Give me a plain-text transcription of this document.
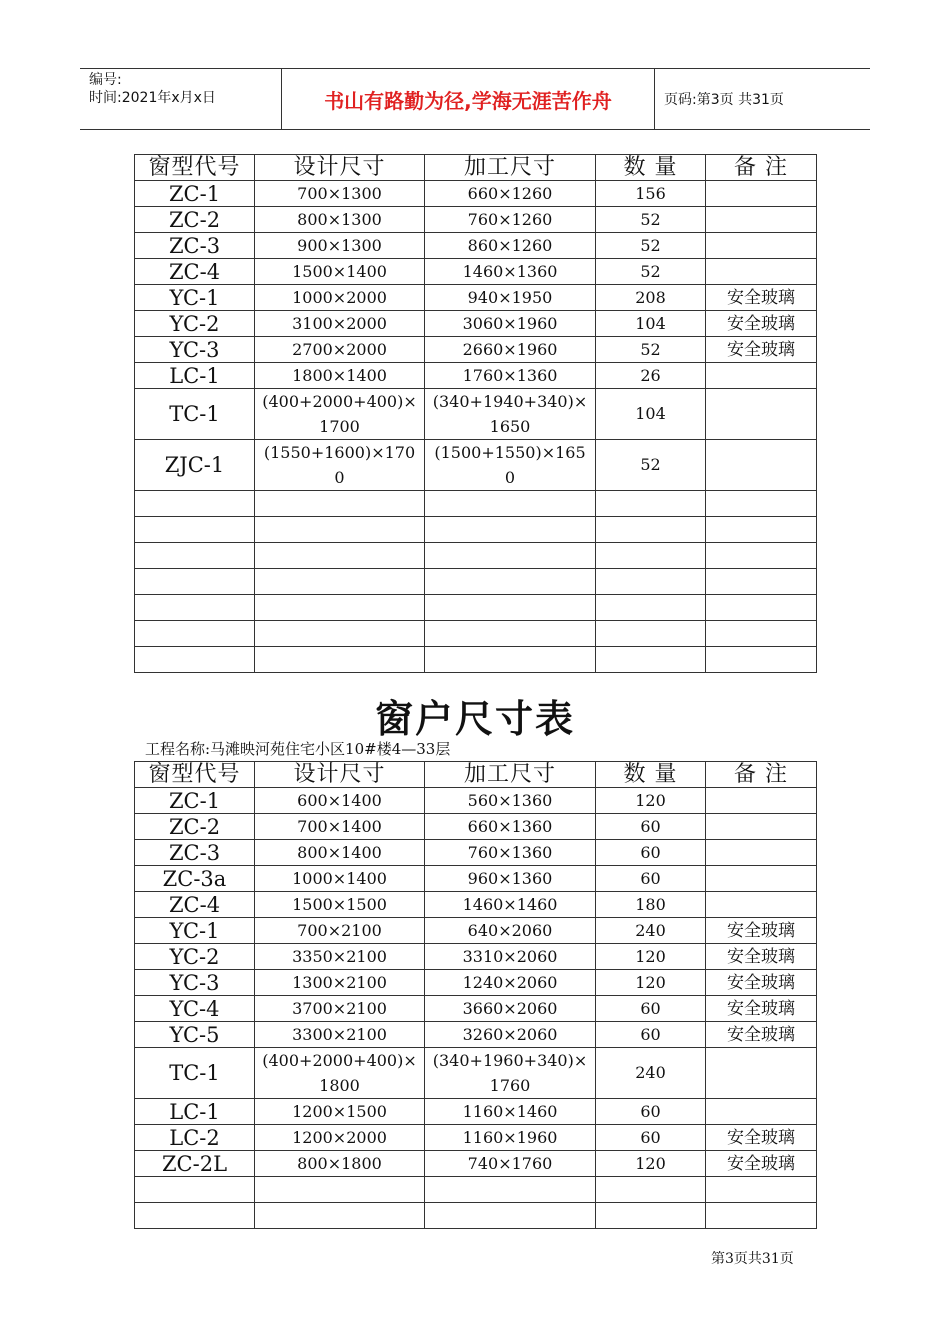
编号:
时间:2021年x月x日	书山有路勤为径,学海无涯苦作舟	页码:第3页 共31页
窗型代号	设计尺寸	加工尺寸	数 量	备 注
ZC-1	700×1300	660×1260	156	
ZC-2	800×1300	760×1260	52	
ZC-3	900×1300	860×1260	52	
ZC-4	1500×1400	1460×1360	52	
YC-1	1000×2000	940×1950	208	安全玻璃
YC-2	3100×2000	3060×1960	104	安全玻璃
YC-3	2700×2000	2660×1960	52	安全玻璃
LC-1	1800×1400	1760×1360	26	
TC-1	(400+2000+400)×1700	(340+1940+340)×1650	104	
ZJC-1	(1550+1600)×1700	(1500+1550)×1650	52	

窗户尺寸表
工程名称:马滩映河苑住宅小区10#楼4—33层
窗型代号	设计尺寸	加工尺寸	数 量	备 注
ZC-1	600×1400	560×1360	120	
ZC-2	700×1400	660×1360	60	
ZC-3	800×1400	760×1360	60	
ZC-3a	1000×1400	960×1360	60	
ZC-4	1500×1500	1460×1460	180	
YC-1	700×2100	640×2060	240	安全玻璃
YC-2	3350×2100	3310×2060	120	安全玻璃
YC-3	1300×2100	1240×2060	120	安全玻璃
YC-4	3700×2100	3660×2060	60	安全玻璃
YC-5	3300×2100	3260×2060	60	安全玻璃
TC-1	(400+2000+400)×1800	(340+1960+340)×1760	240	
LC-1	1200×1500	1160×1460	60	
LC-2	1200×2000	1160×1960	60	安全玻璃
ZC-2L	800×1800	740×1760	120	安全玻璃

第3页共31页
